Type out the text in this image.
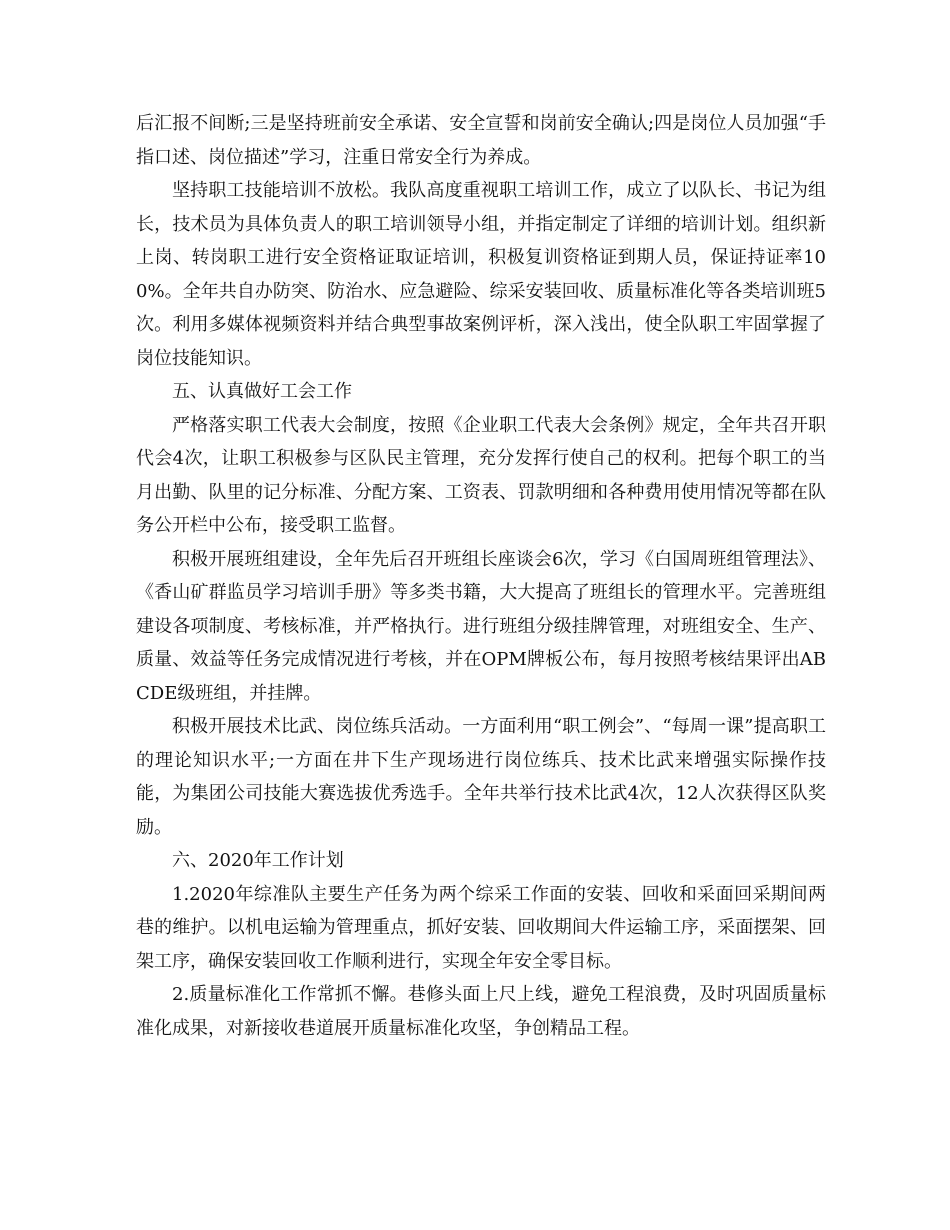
后汇报不间断;三是坚持班前安全承诺、安全宣誓和岗前安全确认;四是岗位人员加强“手指口述、岗位描述”学习，注重日常安全行为养成。

坚持职工技能培训不放松。我队高度重视职工培训工作，成立了以队长、书记为组长，技术员为具体负责人的职工培训领导小组，并指定制定了详细的培训计划。组织新上岗、转岗职工进行安全资格证取证培训，积极复训资格证到期人员，保证持证率100%。全年共自办防突、防治水、应急避险、综采安装回收、质量标准化等各类培训班5次。利用多媒体视频资料并结合典型事故案例评析，深入浅出，使全队职工牢固掌握了岗位技能知识。

五、认真做好工会工作

严格落实职工代表大会制度，按照《企业职工代表大会条例》规定，全年共召开职代会4次，让职工积极参与区队民主管理，充分发挥行使自己的权利。把每个职工的当月出勤、队里的记分标准、分配方案、工资表、罚款明细和各种费用使用情况等都在队务公开栏中公布，接受职工监督。

积极开展班组建设，全年先后召开班组长座谈会6次，学习《白国周班组管理法》、《香山矿群监员学习培训手册》等多类书籍，大大提高了班组长的管理水平。完善班组建设各项制度、考核标准，并严格执行。进行班组分级挂牌管理，对班组安全、生产、质量、效益等任务完成情况进行考核，并在OPM牌板公布，每月按照考核结果评出ABCDE级班组，并挂牌。

积极开展技术比武、岗位练兵活动。一方面利用“职工例会”、“每周一课”提高职工的理论知识水平;一方面在井下生产现场进行岗位练兵、技术比武来增强实际操作技能，为集团公司技能大赛选拔优秀选手。全年共举行技术比武4次，12人次获得区队奖励。

六、2020年工作计划

1.2020年综准队主要生产任务为两个综采工作面的安装、回收和采面回采期间两巷的维护。以机电运输为管理重点，抓好安装、回收期间大件运输工序，采面摆架、回架工序，确保安装回收工作顺利进行，实现全年安全零目标。

2.质量标准化工作常抓不懈。巷修头面上尺上线，避免工程浪费，及时巩固质量标准化成果，对新接收巷道展开质量标准化攻坚，争创精品工程。
